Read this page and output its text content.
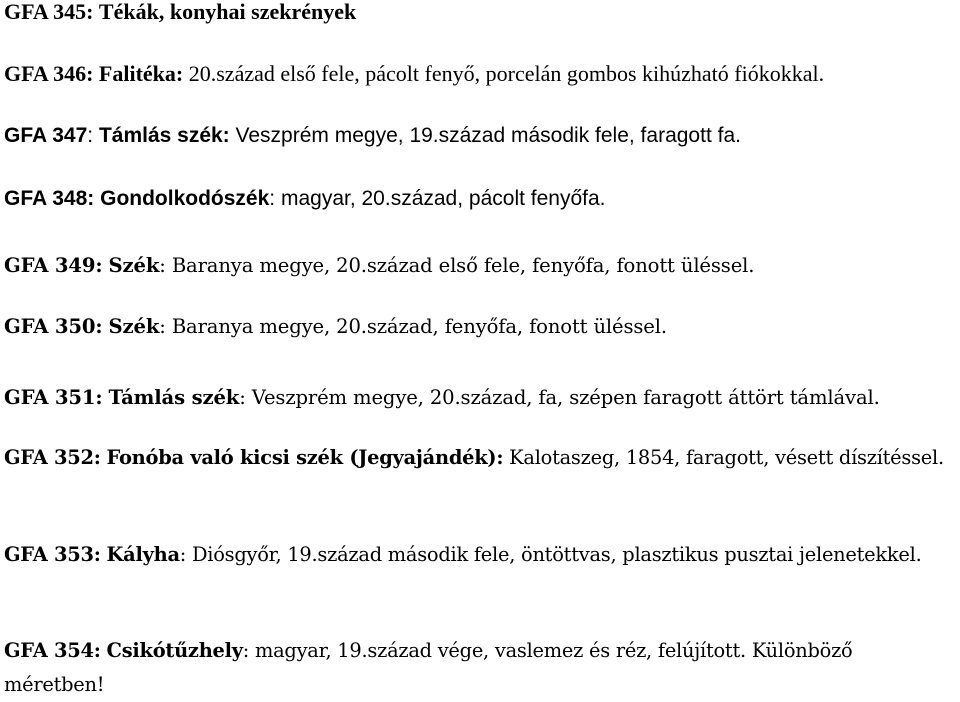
GFA 345: Tékák, konyhai szekrények

GFA 346: Falitéka: 20.század első fele, pácolt fenyő, porcelán gombos kihúzható fiókokkal.

GFA 347: Támlás szék: Veszprém megye, 19.század második fele, faragott fa.

GFA 348: Gondolkodószék: magyar, 20.század, pácolt fenyőfa.

GFA 349: Szék: Baranya megye, 20.század első fele, fenyőfa, fonott üléssel.

GFA 350: Szék: Baranya megye, 20.század, fenyőfa, fonott üléssel.

GFA 351: Támlás szék: Veszprém megye, 20.század, fa, szépen faragott áttört támlával.

GFA 352: Fonóba való kicsi szék (Jegyajándék): Kalotaszeg, 1854, faragott, vésett díszítéssel.

GFA 353: Kályha: Diósgyőr, 19.század második fele, öntöttvas, plasztikus pusztai jelenetekkel.

GFA 354: Csikótűzhely: magyar, 19.század vége, vaslemez és réz, felújított. Különböző méretben!
